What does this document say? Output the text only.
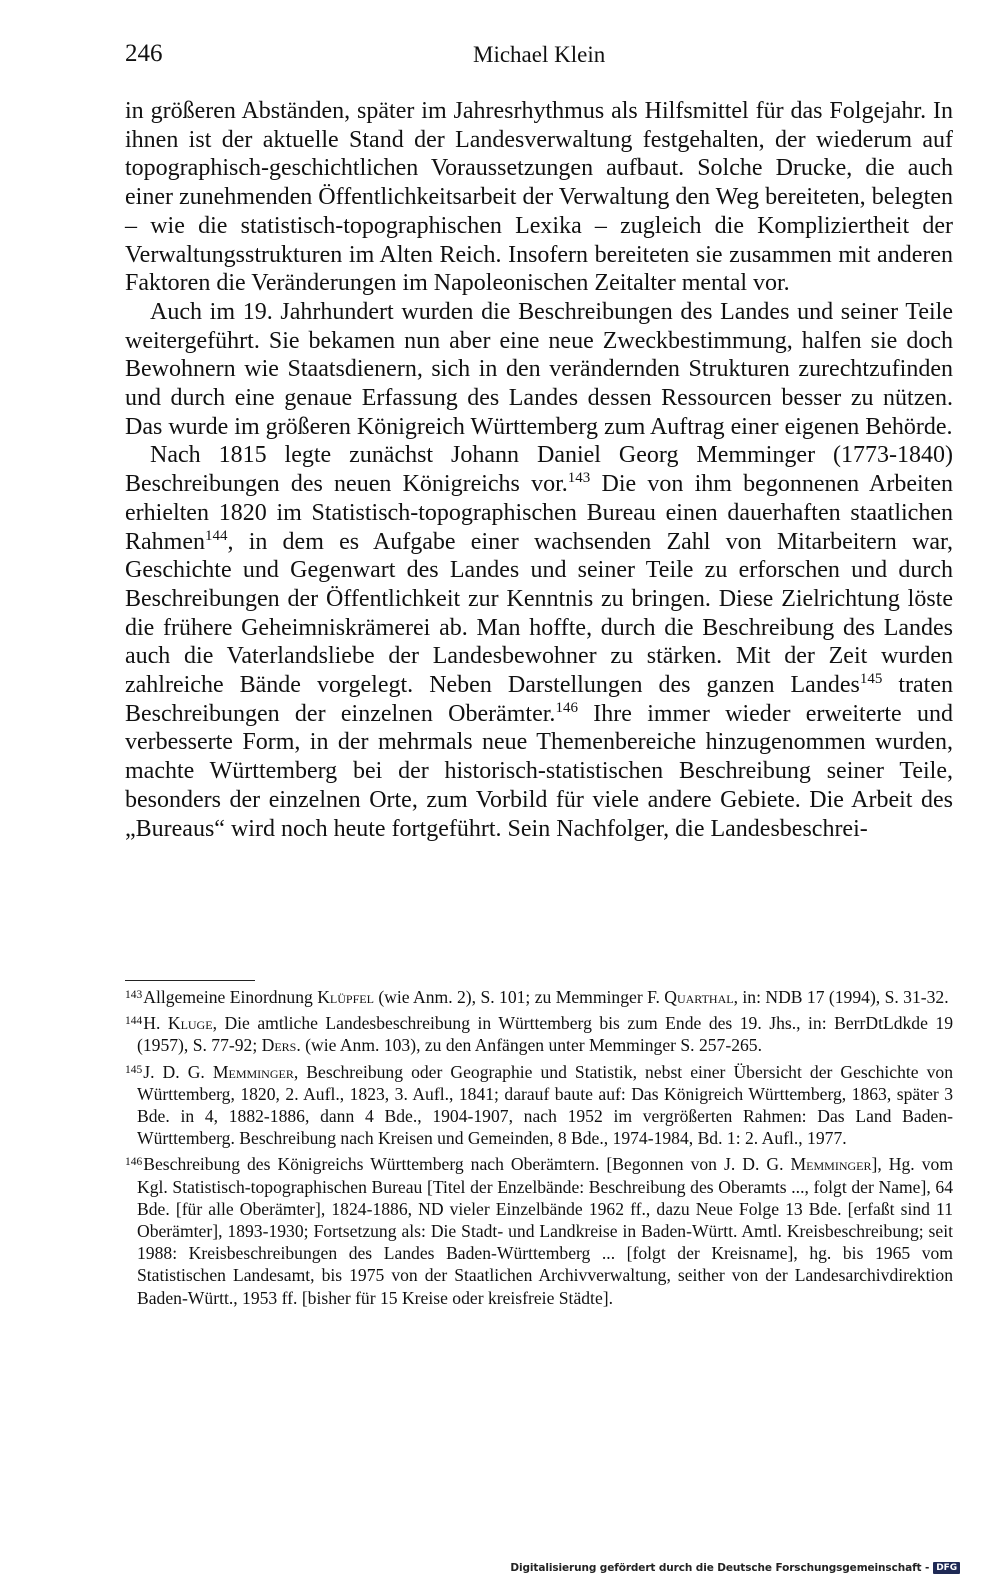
246	Michael Klein

in größeren Abständen, später im Jahresrhythmus als Hilfsmittel für das Folgejahr. In ihnen ist der aktuelle Stand der Landesverwaltung festgehalten, der wiederum auf topographisch-geschichtlichen Voraussetzungen aufbaut. Solche Drucke, die auch einer zunehmenden Öffentlichkeitsarbeit der Verwaltung den Weg bereiteten, belegten – wie die statistisch-topographischen Lexika – zugleich die Kompliziertheit der Verwaltungsstrukturen im Alten Reich. Insofern bereiteten sie zusammen mit anderen Faktoren die Veränderungen im Napoleonischen Zeitalter mental vor.

Auch im 19. Jahrhundert wurden die Beschreibungen des Landes und seiner Teile weitergeführt. Sie bekamen nun aber eine neue Zweckbestimmung, halfen sie doch Bewohnern wie Staatsdienern, sich in den verändernden Strukturen zurechtzufinden und durch eine genaue Erfassung des Landes dessen Ressourcen besser zu nützen. Das wurde im größeren Königreich Württemberg zum Auftrag einer eigenen Behörde.

Nach 1815 legte zunächst Johann Daniel Georg Memminger (1773-1840) Beschreibungen des neuen Königreichs vor.$^{143}$ Die von ihm begonnenen Arbeiten erhielten 1820 im Statistisch-topographischen Bureau einen dauerhaften staatlichen Rahmen$^{144}$, in dem es Aufgabe einer wachsenden Zahl von Mitarbeitern war, Geschichte und Gegenwart des Landes und seiner Teile zu erforschen und durch Beschreibungen der Öffentlichkeit zur Kenntnis zu bringen. Diese Zielrichtung löste die frühere Geheimniskrämerei ab. Man hoffte, durch die Beschreibung des Landes auch die Vaterlandsliebe der Landesbewohner zu stärken. Mit der Zeit wurden zahlreiche Bände vorgelegt. Neben Darstellungen des ganzen Landes$^{145}$ traten Beschreibungen der einzelnen Oberämter.$^{146}$ Ihre immer wieder erweiterte und verbesserte Form, in der mehrmals neue Themenbereiche hinzugenommen wurden, machte Württemberg bei der historisch-statistischen Beschreibung seiner Teile, besonders der einzelnen Orte, zum Vorbild für viele andere Gebiete. Die Arbeit des „Bureaus“ wird noch heute fortgeführt. Sein Nachfolger, die Landesbeschrei-

$^{143}$Allgemeine Einordnung Klüpfel (wie Anm. 2), S. 101; zu Memminger F. Quarthal, in: NDB 17 (1994), S. 31-32.

$^{144}$H. Kluge, Die amtliche Landesbeschreibung in Württemberg bis zum Ende des 19. Jhs., in: BerrDtLdkde 19 (1957), S. 77-92; Ders. (wie Anm. 103), zu den Anfängen unter Memminger S. 257-265.

$^{145}$J. D. G. Memminger, Beschreibung oder Geographie und Statistik, nebst einer Übersicht der Geschichte von Württemberg, 1820, 2. Aufl., 1823, 3. Aufl., 1841; darauf baute auf: Das Königreich Württemberg, 1863, später 3 Bde. in 4, 1882-1886, dann 4 Bde., 1904-1907, nach 1952 im vergrößerten Rahmen: Das Land Baden-Württemberg. Beschreibung nach Kreisen und Gemeinden, 8 Bde., 1974-1984, Bd. 1: 2. Aufl., 1977.

$^{146}$Beschreibung des Königreichs Württemberg nach Oberämtern. [Begonnen von J. D. G. Memminger], Hg. vom Kgl. Statistisch-topographischen Bureau [Titel der Enzelbände: Beschreibung des Oberamts ..., folgt der Name], 64 Bde. [für alle Oberämter], 1824-1886, ND vieler Einzelbände 1962 ff., dazu Neue Folge 13 Bde. [erfaßt sind 11 Oberämter], 1893-1930; Fortsetzung als: Die Stadt- und Landkreise in Baden-Württ. Amtl. Kreisbeschreibung; seit 1988: Kreisbeschreibungen des Landes Baden-Württemberg ... [folgt der Kreisname], hg. bis 1965 vom Statistischen Landesamt, bis 1975 von der Staatlichen Archivverwaltung, seither von der Landesarchivdirektion Baden-Württ., 1953 ff. [bisher für 15 Kreise oder kreisfreie Städte].

Digitalisierung gefördert durch die Deutsche Forschungsgemeinschaft - DFG
